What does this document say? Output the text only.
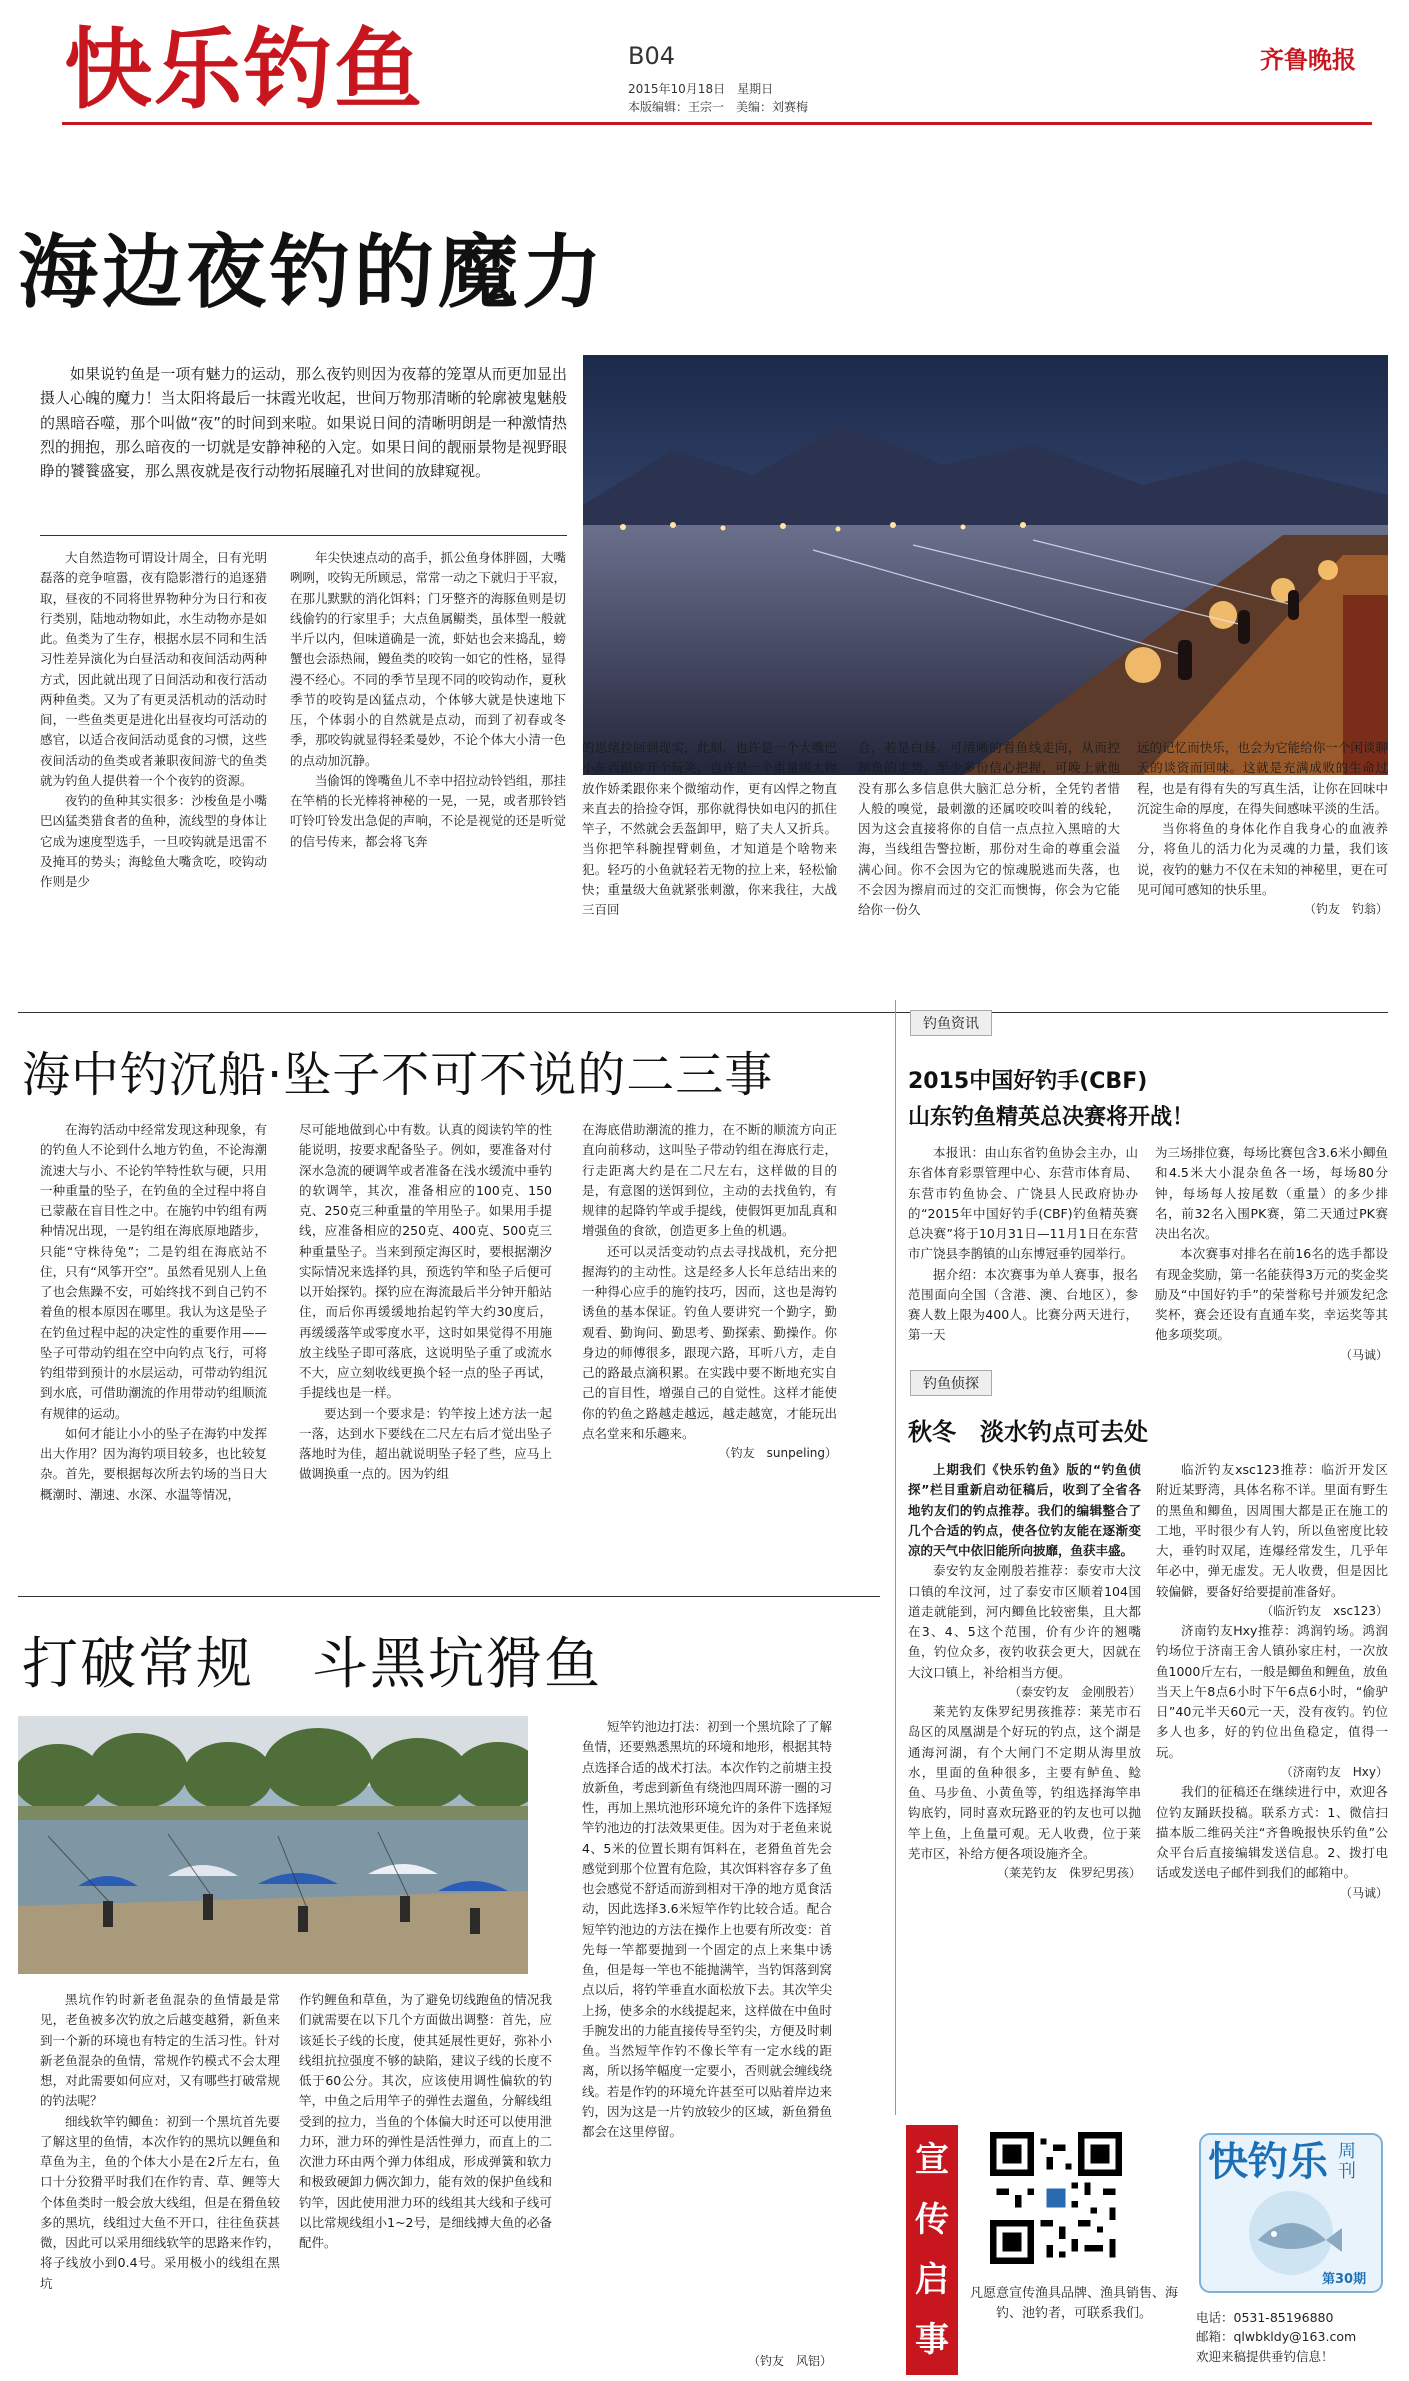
快乐钓鱼	B04
2015年10月18日　星期日
本版编辑：王宗一　美编：刘赛梅
齐鲁晚报
海边夜钓的魔力
如果说钓鱼是一项有魅力的运动，那么夜钓则因为夜幕的笼罩从而更加显出摄人心魄的魔力！当太阳将最后一抹霞光收起，世间万物那清晰的轮廓被鬼魅般的黑暗吞噬，那个叫做“夜”的时间到来啦。如果说日间的清晰明朗是一种激情热烈的拥抱，那么暗夜的一切就是安静神秘的入定。如果日间的靓丽景物是视野眼睁的饕餮盛宴，那么黑夜就是夜行动物拓展瞳孔对世间的放肆窥视。

大自然造物可谓设计周全，日有光明磊落的竞争喧嚣，夜有隐影潜行的追逐猎取，昼夜的不同将世界物种分为日行和夜行类别，陆地动物如此，水生动物亦是如此。鱼类为了生存，根据水层不同和生活习性差异演化为白昼活动和夜间活动两种方式，因此就出现了日间活动和夜行活动两种鱼类。又为了有更灵活机动的活动时间，一些鱼类更是进化出昼夜均可活动的感官，以适合夜间活动觅食的习惯，这些夜间活动的鱼类或者兼职夜间游弋的鱼类就为钓鱼人提供着一个个夜钓的资源。

夜钓的鱼种其实很多：沙梭鱼是小嘴巴凶猛类猎食者的鱼种，流线型的身体让它成为速度型选手，一旦咬钩就是迅雷不及掩耳的势头；海鲶鱼大嘴贪吃，咬钩动作则是少

年尖快速点动的高手，抓公鱼身体胖圆，大嘴咧咧，咬钩无所顾忌，常常一动之下就归于平寂，在那儿默默的消化饵料；门牙整齐的海豚鱼则是切线偷钓的行家里手；大点鱼属鳚类，虽体型一般就半斤以内，但味道确是一流，虾姑也会来捣乱，螃蟹也会添热闹，鳗鱼类的咬钩一如它的性格，显得漫不经心。不同的季节呈现不同的咬钩动作，夏秋季节的咬钩是凶猛点动，个体够大就是快速地下压，个体弱小的自然就是点动，而到了初春或冬季，那咬钩就显得轻柔曼妙，不论个体大小清一色的点动加沉静。

当偷饵的馋嘴鱼儿不幸中招拉动铃铛组，那挂在竿梢的长光棒将神秘的一晃，一晃，或者那铃铛叮铃叮铃发出急促的声响，不论是视觉的还是听觉的信号传来，都会将飞奔

的思绪拉回到现实，此刻，也许是一个大嘴巴小东西跟你开个玩笑，也许是一个重量级大物放作娇柔跟你来个微缩动作，更有凶悍之物直来直去的拾捡夺饵，那你就得快如电闪的抓住竿子，不然就会丢盔卸甲，赔了夫人又折兵。当你把竿科腕捏臂刺鱼，才知道是个啥物来犯。轻巧的小鱼就轻若无物的拉上来，轻松愉快；重量级大鱼就紧张刺激，你来我往，大战三百回

合，若是白昼，可清晰的看鱼线走向，从而控制鱼的走势，至少多份信心把握，可晚上就他没有那么多信息供大脑汇总分析，全凭钓者惜人般的嗅觉，最刺激的还属咬咬叫着的线轮，因为这会直接将你的自信一点点拉入黑暗的大海，当线组告警拉断，那份对生命的尊重会溢满心间。你不会因为它的惊魂脱逃而失落，也不会因为擦肩而过的交汇而懊悔，你会为它能给你一份久

远的记忆而快乐，也会为它能给你一个闲谈聊天的谈资而回味。这就是充满成败的生命过程，也是有得有失的写真生活，让你在回味中沉淀生命的厚度，在得失间感味平淡的生活。

当你将鱼的身体化作自我身心的血液养分，将鱼儿的活力化为灵魂的力量，我们该说，夜钓的魅力不仅在未知的神秘里，更在可见可闻可感知的快乐里。

（钓友　钓翁）
海中钓沉船·坠子不可不说的二三事

在海钓活动中经常发现这种现象，有的钓鱼人不论到什么地方钓鱼，不论海潮流速大与小、不论钓竿特性软与硬，只用一种重量的坠子，在钓鱼的全过程中将自已蒙蔽在盲目性之中。在施钓中钓组有两种情况出现，一是钓组在海底原地踏步，只能“守株待兔”；二是钓组在海底站不住，只有“风筝开空”。虽然看见别人上鱼了也会焦躁不安，可始终找不到自己钓不着鱼的根本原因在哪里。我认为这是坠子在钓鱼过程中起的决定性的重要作用——坠子可带动钓组在空中向钓点飞行，可将钓组带到预计的水层运动，可带动钓组沉到水底，可借助潮流的作用带动钓组顺流有规律的运动。

如何才能让小小的坠子在海钓中发挥出大作用？因为海钓项目较多，也比较复杂。首先，要根据每次所去钓场的当日大概潮时、潮速、水深、水温等情况，

尽可能地做到心中有数。认真的阅读钓竿的性能说明，按要求配备坠子。例如，要准备对付深水急流的硬调竿或者准备在浅水缓流中垂钓的软调竿，其次，准备相应的100克、150克、250克三种重量的竿用坠子。如果用手提线，应准备相应的250克、400克、500克三种重量坠子。当来到预定海区时，要根据潮汐实际情况来选择钓具，预选钓竿和坠子后便可以开始探钓。探钓应在海流最后半分钟开船站住，而后你再缓缓地抬起钓竿大约30度后，再缓缓落竿或零度水平，这时如果觉得不用施放主线坠子即可落底，这说明坠子重了或流水不大，应立刻收线更换个轻一点的坠子再试，手提线也是一样。

要达到一个要求是：钓竿按上述方法一起一落，达到水下要线在二尺左右后才觉出坠子落地时为佳，超出就说明坠子轻了些，应马上做调换重一点的。因为钓组

在海底借助潮流的推力，在不断的顺流方向正直向前移动，这叫坠子带动钓组在海底行走，行走距离大约是在二尺左右，这样做的目的是，有意图的送饵到位，主动的去找鱼钓，有规律的起降钓竿或手提线，使假饵更加乱真和增强鱼的食欲，创造更多上鱼的机遇。

还可以灵活变动钓点去寻找战机，充分把握海钓的主动性。这是经多人长年总结出来的一种得心应手的施钓技巧，因而，这也是海钓诱鱼的基本保证。钓鱼人要讲究一个勤字，勤观看、勤询问、勤思考、勤探索、勤操作。你身边的师傅很多，跟现六路，耳听八方，走自己的路最点滴积累。在实践中要不断地充实自己的盲目性，增强自己的自觉性。这样才能使你的钓鱼之路越走越远，越走越宽，才能玩出点名堂来和乐趣来。

（钓友　sunpeling）
钓鱼资讯
2015中国好钓手(CBF)
山东钓鱼精英总决赛将开战！

本报讯：由山东省钓鱼协会主办，山东省体育彩票管理中心、东营市体育局、东营市钓鱼协会、广饶县人民政府协办的“2015年中国好钓手(CBF)钓鱼精英赛总决赛”将于10月31日—11月1日在东营市广饶县李鹊镇的山东博冠垂钓园举行。

据介绍：本次赛事为单人赛事，报名范围面向全国（含港、澳、台地区），参赛人数上限为400人。比赛分两天进行，第一天

为三场排位赛，每场比赛包含3.6米小鲫鱼和4.5米大小混杂鱼各一场，每场80分钟，每场每人按尾数（重量）的多少排名，前32名入围PK赛，第二天通过PK赛决出名次。

本次赛事对排名在前16名的选手都设有现金奖励，第一名能获得3万元的奖金奖励及“中国好钓手”的荣誉称号并颁发纪念奖杯，赛会还设有直通车奖，幸运奖等其他多项奖项。

（马诚）
钓鱼侦探
秋冬　淡水钓点可去处

上期我们《快乐钓鱼》版的“钓鱼侦探”栏目重新启动征稿后，收到了全省各地钓友们的钓点推荐。我们的编辑整合了几个合适的钓点，使各位钓友能在逐渐变凉的天气中依旧能所向披靡，鱼获丰盛。

泰安钓友金刚殷若推荐：泰安市大汶口镇的牟汶河，过了泰安市区顺着104国道走就能到，河内鲫鱼比较密集，且大都在3、4、5这个范围，价有少许的翘嘴鱼，钓位众多，夜钓收获会更大，因就在大汶口镇上，补给相当方便。

（泰安钓友　金刚殷若）

莱芜钓友侏罗纪男孩推荐：莱芜市石岛区的凤凰湖是个好玩的钓点，这个湖是通海河湖，有个大闸门不定期从海里放水，里面的鱼种很多，主要有鲈鱼、鲶鱼、马步鱼、小黄鱼等，钓组选择海竿串钩底钓，同时喜欢玩路亚的钓友也可以抛竿上鱼，上鱼量可观。无人收费，位于莱芜市区，补给方便各项设施齐全。

（莱芜钓友　侏罗纪男孩）

临沂钓友xsc123推荐：临沂开发区附近某野湾，具体名称不详。里面有野生的黑鱼和鲫鱼，因周围大都是正在施工的工地，平时很少有人钓，所以鱼密度比较大，垂钓时双尾，连爆经常发生，几乎年年必中，弹无虚发。无人收费，但是因比较偏僻，要备好给要提前准备好。

（临沂钓友　xsc123）

济南钓友Hxy推荐：鸿润钓场。鸿润钓场位于济南王舍人镇孙家庄村，一次放鱼1000斤左右，一般是鲫鱼和鲤鱼，放鱼当天上午8点6小时下午6点6小时，“偷驴日”40元半天60元一天，没有夜钓。钓位多人也多，好的钓位出鱼稳定，值得一玩。

（济南钓友　Hxy）

我们的征稿还在继续进行中，欢迎各位钓友踊跃投稿。联系方式：1、微信扫描本版二维码关注“齐鲁晚报快乐钓鱼”公众平台后直接编辑发送信息。2、拨打电话或发送电子邮件到我们的邮箱中。

（马诚）
打破常规　斗黑坑猾鱼

短竿钓池边打法：初到一个黑坑除了了解鱼情，还要熟悉黑坑的环境和地形，根据其特点选择合适的战术打法。本次作钓之前塘主投放新鱼，考虑到新鱼有绕池四周环游一圈的习性，再加上黑坑池形环境允许的条件下选择短竿钓池边的打法效果更佳。因为对于老鱼来说4、5米的位置长期有饵料在，老猾鱼首先会感觉到那个位置有危险，其次饵料容存多了鱼也会感觉不舒适而游到相对干净的地方觅食活动，因此选择3.6米短竿作钓比较合适。配合短竿钓池边的方法在操作上也要有所改变：首先每一竿都要抛到一个固定的点上来集中诱鱼，但是每一竿也不能抛满竿，当钓饵落到窝点以后，将钓竿垂直水面松放下去。其次竿尖上扬，使多余的水线提起来，这样做在中鱼时手腕发出的力能直接传导至钓尖，方便及时刺鱼。当然短竿作钓不像长竿有一定水线的距离，所以扬竿幅度一定要小，否则就会缠线绕线。若是作钓的环境允许甚至可以贴着岸边来钓，因为这是一片钓放较少的区域，新鱼猾鱼都会在这里停留。

黑坑作钓时新老鱼混杂的鱼情最是常见，老鱼被多次钓放之后越变越猾，新鱼来到一个新的环境也有特定的生活习性。针对新老鱼混杂的鱼情，常规作钓模式不会太理想，对此需要如何应对，又有哪些打破常规的钓法呢？

细线软竿钓鲫鱼：初到一个黑坑首先要了解这里的鱼情，本次作钓的黑坑以鲤鱼和草鱼为主，鱼的个体大小是在2斤左右，鱼口十分狡猾平时我们在作钓青、草、鲤等大个体鱼类时一般会放大线组，但是在猾鱼较多的黑坑，线组过大鱼不开口，往往鱼获甚微，因此可以采用细线软竿的思路来作钓，将子线放小到0.4号。采用极小的线组在黑坑

作钓鲤鱼和草鱼，为了避免切线跑鱼的情况我们就需要在以下几个方面做出调整：首先，应该延长子线的长度，使其延展性更好，弥补小线组抗拉强度不够的缺陷，建议子线的长度不低于60公分。其次，应该使用调性偏软的钓竿，中鱼之后用竿子的弹性去遛鱼，分解线组受到的拉力，当鱼的个体偏大时还可以使用泄力环，泄力环的弹性是活性弹力，而直上的二次泄力环由两个弹力体组成，形成弹簧和软力和极致硬卸力俩次卸力，能有效的保护鱼线和钓竿，因此使用泄力环的线组其大线和子线可以比常规线组小1~2号，是细线搏大鱼的必备配件。

（钓友　风铝）
宣
传
启
事
凡愿意宣传渔具品牌、渔具销售、海钓、池钓者，可联系我们。
快钓乐 周刊
第30期
电话：0531-85196880
邮箱：qlwbkldy@163.com
欢迎来稿提供垂钓信息！
